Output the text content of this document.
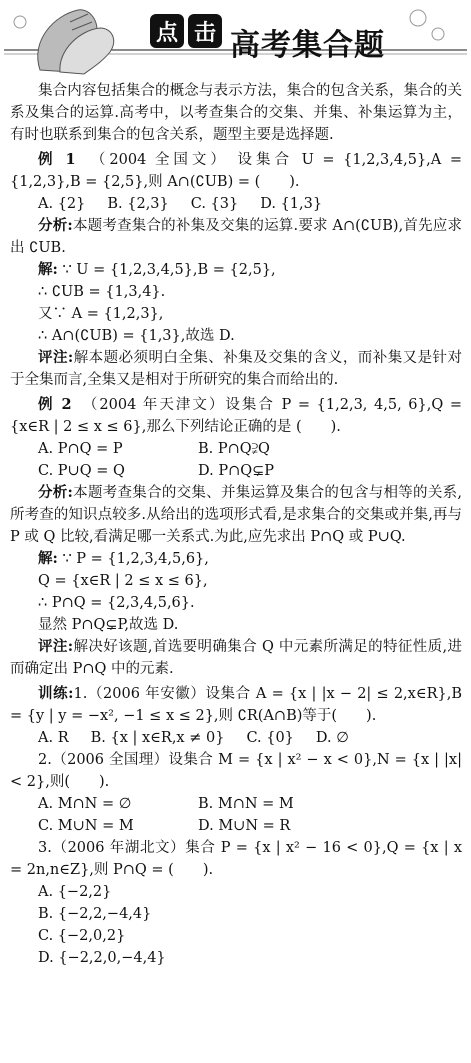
点 击 高考集合题

集合内容包括集合的概念与表示方法，集合的包含关系，集合的关系及集合的运算.高考中，以考查集合的交集、并集、补集运算为主，有时也联系到集合的包含关系，题型主要是选择题.

例 1　 （2004 全国文） 设集合 U = {1,2,3,4,5},A = {1,2,3},B = {2,5},则 A∩(∁UB) = (　　).

A. {2} B. {2,3} C. {3} D. {1,3}

分析:本题考查集合的补集及交集的运算.要求 A∩(∁UB),首先应求出 ∁UB.

解: ∵ U = {1,2,3,4,5},B = {2,5},

∴ ∁UB = {1,3,4}.

又∵ A = {1,2,3},

∴ A∩(∁UB) = {1,3},故选 D.

评注:解本题必须明白全集、补集及交集的含义，而补集又是针对于全集而言,全集又是相对于所研究的集合而给出的.

例 2　 （2004 年天津文）设集合 P = {1,2,3, 4,5, 6},Q = {x∈R | 2 ≤ x ≤ 6},那么下列结论正确的是 (　　).

A. P∩Q = P	B. P∩Q⫌Q
C. P∪Q = Q	D. P∩Q⊊P

分析:本题考查集合的交集、并集运算及集合的包含与相等的关系,所考查的知识点较多.从给出的选项形式看,是求集合的交集或并集,再与 P 或 Q 比较,看满足哪一关系式.为此,应先求出 P∩Q 或 P∪Q.

解: ∵ P = {1,2,3,4,5,6},

Q = {x∈R | 2 ≤ x ≤ 6},

∴ P∩Q = {2,3,4,5,6}.

显然 P∩Q⊊P,故选 D.

评注:解决好该题,首选要明确集合 Q 中元素所满足的特征性质,进而确定出 P∩Q 中的元素.

训练:1.（2006 年安徽）设集合 A = {x | |x − 2| ≤ 2,x∈R},B = {y | y = −x², −1 ≤ x ≤ 2},则 ∁R(A∩B)等于(　　).

A. R B. {x | x∈R,x ≠ 0} C. {0} D. ∅

2.（2006 全国理）设集合 M = {x | x² − x < 0},N = {x | |x| < 2},则(　　).

A. M∩N = ∅	B. M∩N = M
C. M∪N = M	D. M∪N = R

3.（2006 年湖北文）集合 P = {x | x² − 16 < 0},Q = {x | x = 2n,n∈Z},则 P∩Q = (　　).

A. {−2,2}

B. {−2,2,−4,4}

C. {−2,0,2}

D. {−2,2,0,−4,4}
